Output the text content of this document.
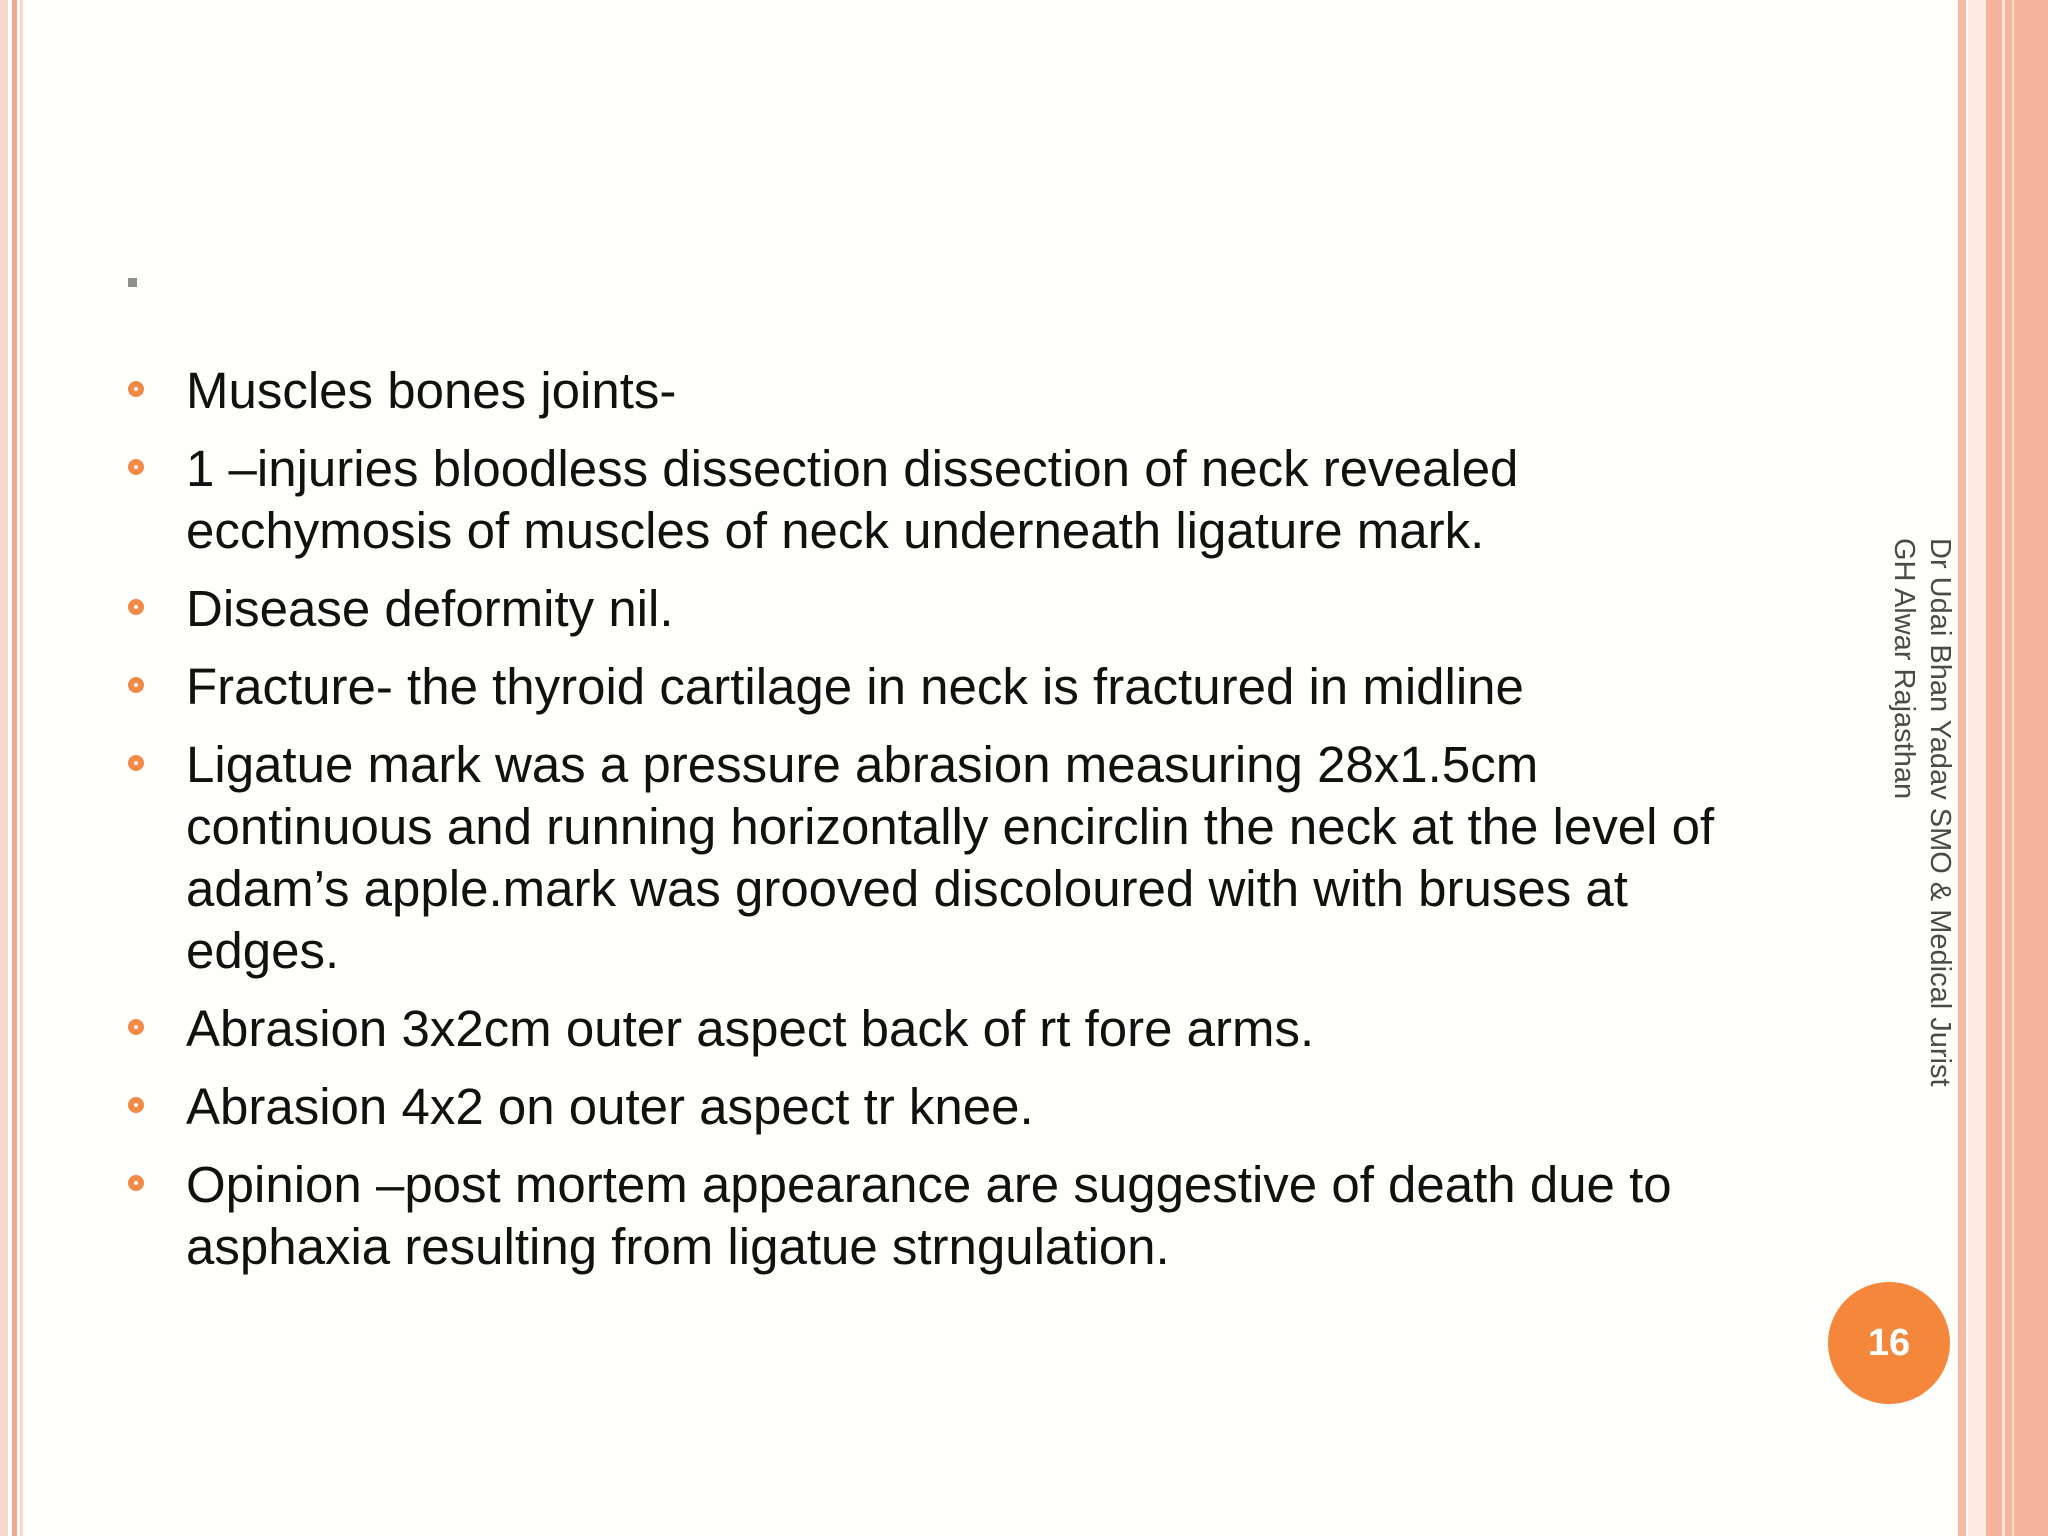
Muscles bones joints-
1 –injuries bloodless dissection dissection of neck revealed ecchymosis of muscles of neck underneath ligature mark.
Disease deformity nil.
Fracture- the thyroid cartilage in neck is fractured in midline
Ligatue mark was a pressure abrasion measuring 28x1.5cm continuous and running horizontally encirclin the neck at the level of adam’s apple.mark was grooved discoloured with with bruses at edges.
Abrasion 3x2cm outer aspect back of rt fore arms.
Abrasion 4x2 on outer aspect tr knee.
Opinion –post mortem appearance are suggestive of death due to asphaxia resulting from ligatue strngulation.
Dr Udai Bhan Yadav SMO & Medical Jurist
GH Alwar Rajasthan
16
